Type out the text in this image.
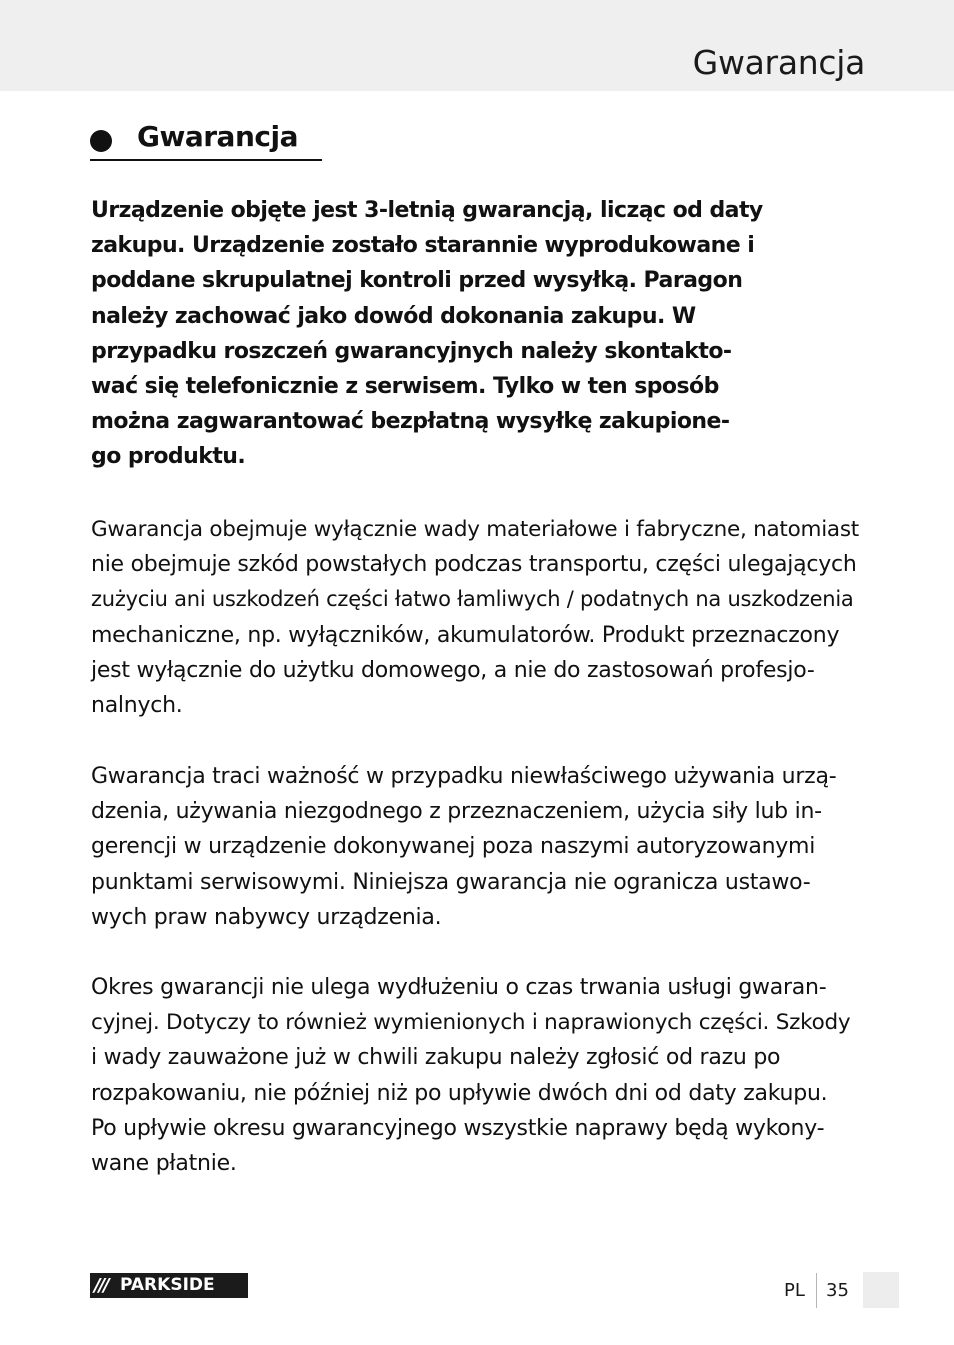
Gwarancja
Gwarancja
Urządzenie objęte jest 3-letnią gwarancją, licząc od daty
zakupu. Urządzenie zostało starannie wyprodukowane i
poddane skrupulatnej kontroli przed wysyłką. Paragon
należy zachować jako dowód dokonania zakupu. W
przypadku roszczeń gwarancyjnych należy skontakto-
wać się telefonicznie z serwisem. Tylko w ten sposób
można zagwarantować bezpłatną wysyłkę zakupione-
go produktu.
Gwarancja obejmuje wyłącznie wady materiałowe i fabryczne, natomiast
nie obejmuje szkód powstałych podczas transportu, części ulegających
zużyciu ani uszkodzeń części łatwo łamliwych / podatnych na uszkodzenia
mechaniczne, np. wyłączników, akumulatorów. Produkt przeznaczony
jest wyłącznie do użytku domowego, a nie do zastosowań profesjo-
nalnych.
Gwarancja traci ważność w przypadku niewłaściwego używania urzą-
dzenia, używania niezgodnego z przeznaczeniem, użycia siły lub in-
gerencji w urządzenie dokonywanej poza naszymi autoryzowanymi
punktami serwisowymi. Niniejsza gwarancja nie ogranicza ustawo-
wych praw nabywcy urządzenia.
Okres gwarancji nie ulega wydłużeniu o czas trwania usługi gwaran-
cyjnej. Dotyczy to również wymienionych i naprawionych części. Szkody
i wady zauważone już w chwili zakupu należy zgłosić od razu po
rozpakowaniu, nie później niż po upływie dwóch dni od daty zakupu.
Po upływie okresu gwarancyjnego wszystkie naprawy będą wykony-
wane płatnie.
/// PARKSIDE	PL 35
